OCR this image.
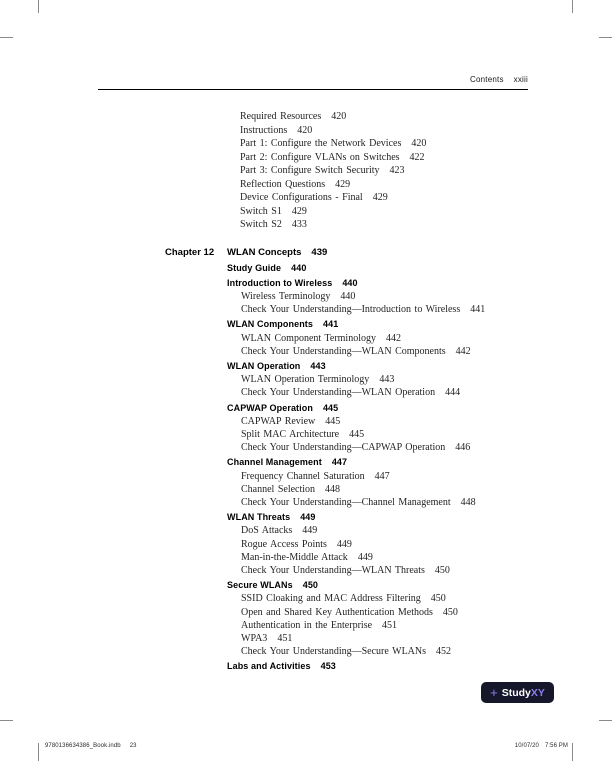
Contents xxiii
Required Resources 420
Instructions 420
Part 1: Configure the Network Devices 420
Part 2: Configure VLANs on Switches 422
Part 3: Configure Switch Security 423
Reflection Questions 429
Device Configurations - Final 429
Switch S1 429
Switch S2 433
Chapter 12 WLAN Concepts 439
Study Guide 440
Introduction to Wireless 440
Wireless Terminology 440
Check Your Understanding—Introduction to Wireless 441
WLAN Components 441
WLAN Component Terminology 442
Check Your Understanding—WLAN Components 442
WLAN Operation 443
WLAN Operation Terminology 443
Check Your Understanding—WLAN Operation 444
CAPWAP Operation 445
CAPWAP Review 445
Split MAC Architecture 445
Check Your Understanding—CAPWAP Operation 446
Channel Management 447
Frequency Channel Saturation 447
Channel Selection 448
Check Your Understanding—Channel Management 448
WLAN Threats 449
DoS Attacks 449
Rogue Access Points 449
Man-in-the-Middle Attack 449
Check Your Understanding—WLAN Threats 450
Secure WLANs 450
SSID Cloaking and MAC Address Filtering 450
Open and Shared Key Authentication Methods 450
Authentication in the Enterprise 451
WPA3 451
Check Your Understanding—Secure WLANs 452
Labs and Activities 453
+ Study XY
9780136634386_Book.indb 23	10/07/20 7:56 PM
